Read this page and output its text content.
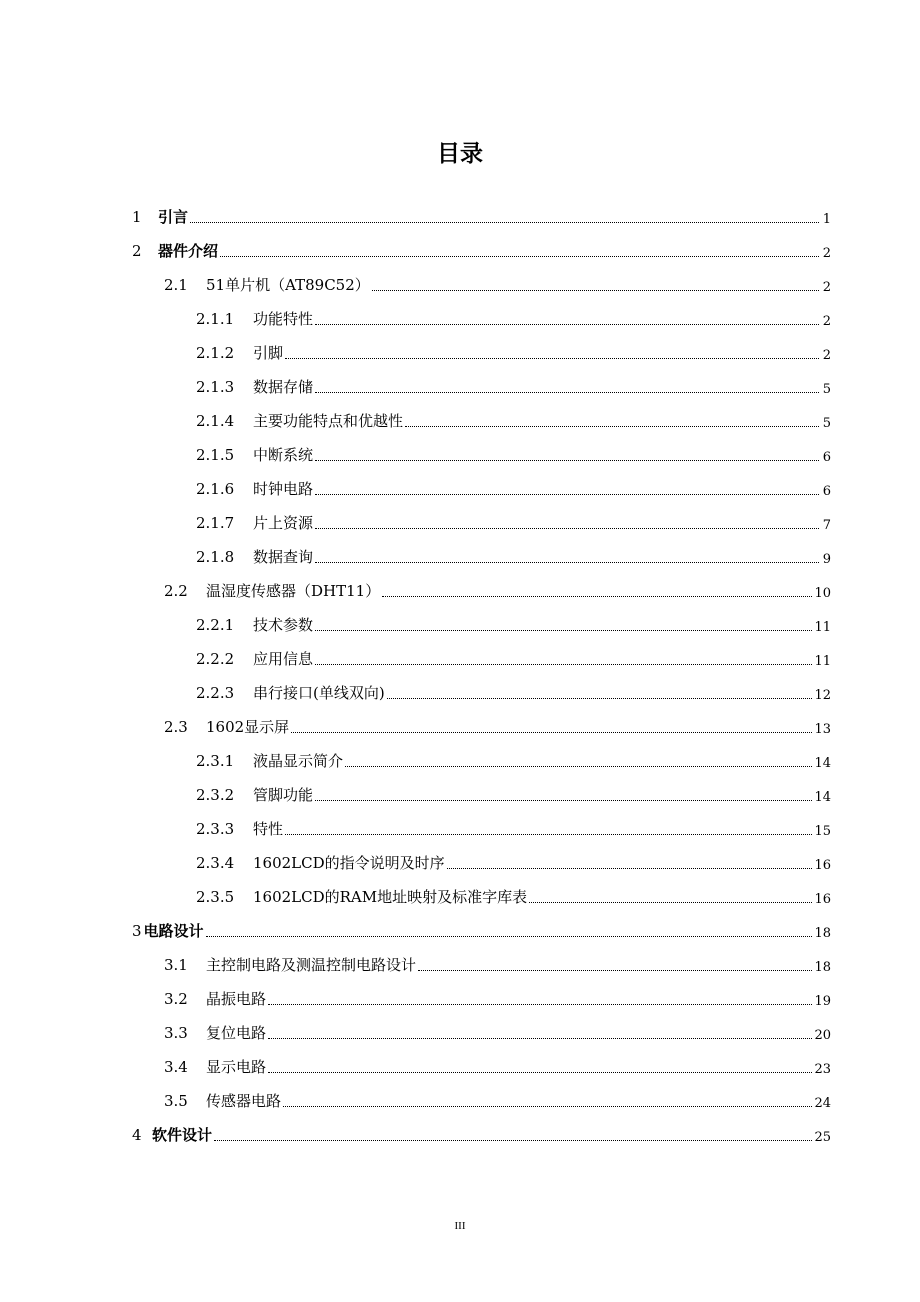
目录
1 引言	1
2 器件介绍	2
2.1 51单片机（AT89C52）	2
2.1.1 功能特性	2
2.1.2 引脚	2
2.1.3 数据存储	5
2.1.4 主要功能特点和优越性	5
2.1.5 中断系统	6
2.1.6 时钟电路	6
2.1.7 片上资源	7
2.1.8 数据查询	9
2.2 温湿度传感器（DHT11）	10
2.2.1 技术参数	11
2.2.2 应用信息	11
2.2.3 串行接口(单线双向)	12
2.3 1602显示屏	13
2.3.1 液晶显示简介	14
2.3.2 管脚功能	14
2.3.3 特性	15
2.3.4 1602LCD的指令说明及时序	16
2.3.5 1602LCD的RAM地址映射及标准字库表	16
3 电路设计	18
3.1 主控制电路及测温控制电路设计	18
3.2 晶振电路	19
3.3 复位电路	20
3.4 显示电路	23
3.5 传感器电路	24
4 软件设计	25
III
